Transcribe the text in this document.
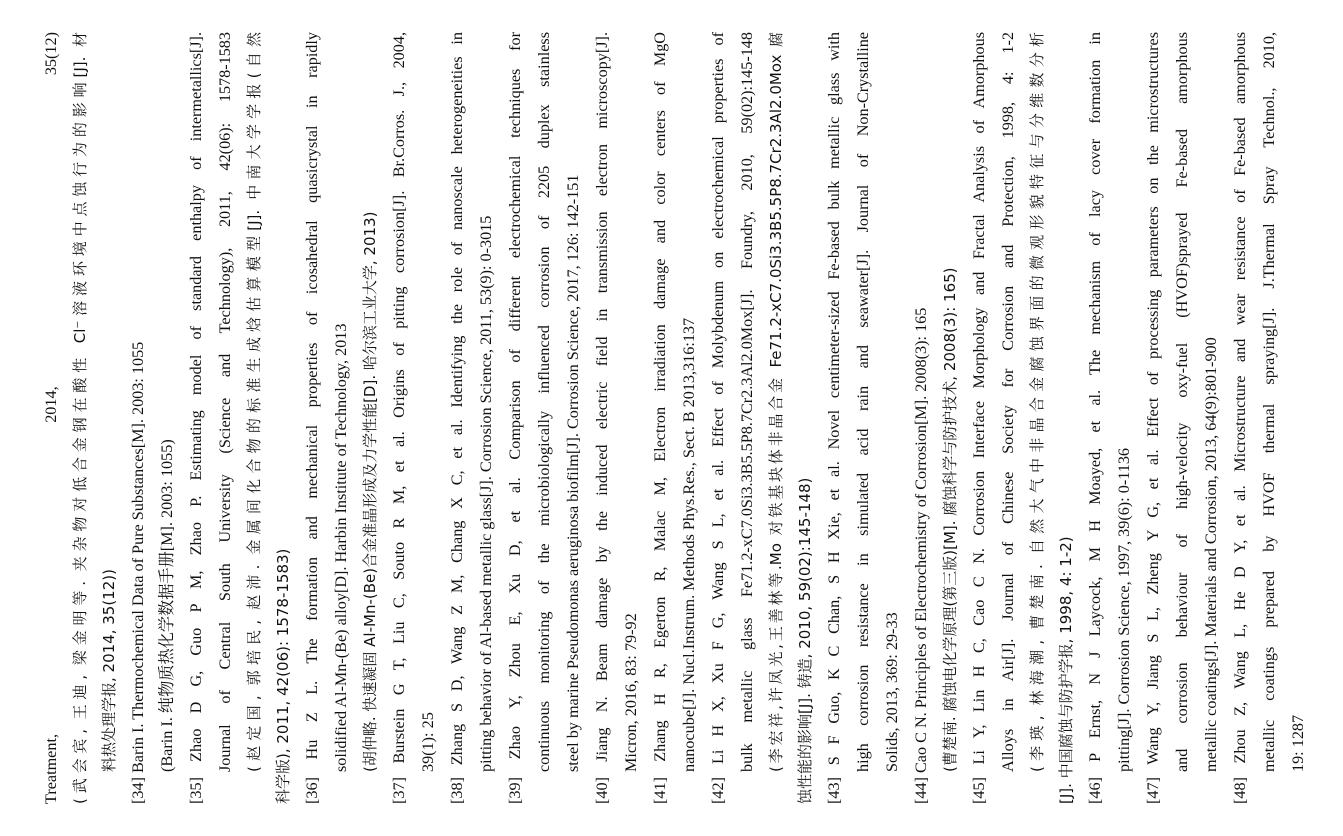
Treatment, 2014, 35(12) (武会宾, 王迪, 梁金明等. 夹杂物对低合金钢在酸性 Cl⁻溶液环境中点蚀行为的影响[J]. 材 料热处理学报, 2014, 35(12)) [34] Barin I. Thermochemical Data of Pure Substances[M]. 2003: 1055 (Barin I. 纯物质热化学数据手册[M]. 2003: 1055) [35] Zhao D G, Guo P M, Zhao P. Estimating model of standard enthalpy of intermetallics[J]. Journal of Central South University (Science and Technology), 2011, 42(06): 1578-1583 (赵定国, 郭培民, 赵沛. 金属间化合物的标准生成焓估算模型[J]. 中南大学学报(自然 科学版), 2011, 42(06): 1578-1583) [36] Hu Z L. The formation and mechanical properties of icosahedral quasicrystal in rapidly solidified Al-Mn-(Be) alloy[D]. Harbin Institute of Technology, 2013 (胡仲略. 快速凝固 Al-Mn-(Be)合金准晶形成及力学性能[D]. 哈尔滨工业大学, 2013) [37] Burstein G T, Liu C, Souto R M, et al. Origins of pitting corrosion[J]. Br.Corros. J., 2004, 39(1): 25 [38] Zhang S D, Wang Z M, Chang X C, et al. Identifying the role of nanoscale heterogeneities in pitting behavior of Al-based metallic glass[J]. Corrosion Science, 2011, 53(9): 0-3015 [39] Zhao Y, Zhou E, Xu D, et al. Comparison of different electrochemical techniques for continuous monitoring of the microbiologically influenced corrosion of 2205 duplex stainless steel by marine Pseudomonas aeruginosa biofilm[J]. Corrosion Science, 2017, 126: 142-151 [40] Jiang N. Beam damage by the induced electric field in transmission electron microscopy[J]. Micron, 2016, 83: 79-92 [41] Zhang H R, Egerton R, Malac M, Electron irradiation damage and color centers of MgO nanocube[J]. Nucl.Instrum. Methods Phys.Res., Sect. B 2013,316:137 [42] Li H X, Xu F G, Wang S L, et al. Effect of Molybdenum on electrochemical properties of bulk metallic glass Fe71.2-xC7.0Si3.3B5.5P8.7Cr2.3Al2.0Mox[J]. Foundry, 2010, 59(02):145-148 (李宏祥,许凤光,王善林等.Mo 对铁基块体非晶合金 Fe71.2-xC7.0Si3.3B5.5P8.7Cr2.3Al2.0Mox 腐 蚀性能的影响[J]. 铸造, 2010, 59(02):145-148) [43] S F Guo, K C Chan, S H Xie, et al. Novel centimeter-sized Fe-based bulk metallic glass with high corrosion resistance in simulated acid rain and seawater[J]. Journal of Non-Crystalline Solids, 2013, 369: 29-33 [44] Cao C N. Principles of Electrochemistry of Corrosion[M]. 2008(3): 165 (曹楚南. 腐蚀电化学原理(第三版)[M]. 腐蚀科学与防护技术, 2008(3): 165) [45] Li Y, Lin H C, Cao C N. Corrosion Interface Morphology and Fractal Analysis of Amorphous Alloys in Air[J]. Journal of Chinese Society for Corrosion and Protection, 1998, 4: 1-2 (李瑛, 林海潮, 曹楚南. 自然大气中非晶合金腐蚀界面的微观形貌特征与分维数分析 [J]. 中国腐蚀与防护学报, 1998, 4: 1-2) [46] P Ernst, N J Laycock, M H Moayed, et al. The mechanism of lacy cover formation in pitting[J]. Corrosion Science, 1997, 39(6): 0-1136 [47] Wang Y, Jiang S L, Zheng Y G, et al. Effect of processing parameters on the microstructures and corrosion behaviour of high-velocity oxy-fuel (HVOF)sprayed Fe-based amorphous metallic coatings[J]. Materials and Corrosion, 2013, 64(9):801-900 [48] Zhou Z, Wang L, He D Y, et al. Microstructure and wear resistance of Fe-based amorphous metallic coatings prepared by HVOF thermal spraying[J]. J.Thermal Spray Technol., 2010, 19: 1287
